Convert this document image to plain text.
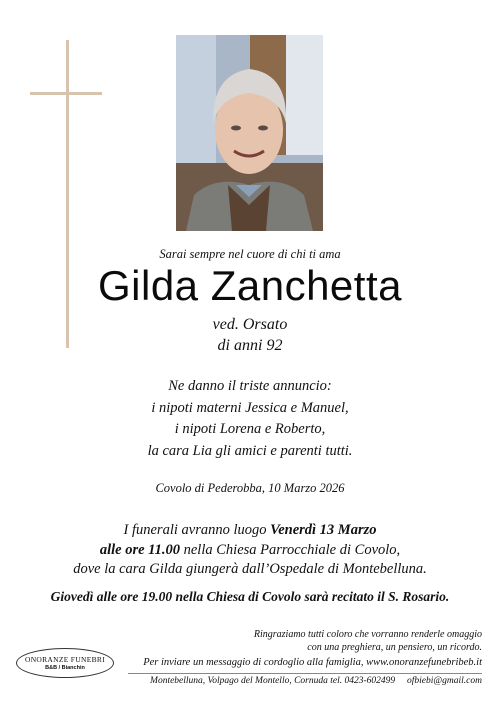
Sarai sempre nel cuore di chi ti ama
Gilda Zanchetta
ved. Orsato
di anni 92
Ne danno il triste annuncio:
i nipoti materni Jessica e Manuel,
i nipoti Lorena e Roberto,
la cara Lia gli amici e parenti tutti.
Covolo di Pederobba, 10 Marzo 2026
I funerali avranno luogo Venerdì 13 Marzo
alle ore 11.00 nella Chiesa Parrocchiale di Covolo,
dove la cara Gilda giungerà dall’Ospedale di Montebelluna.
Giovedì alle ore 19.00 nella Chiesa di Covolo sarà recitato il S. Rosario.
Ringraziamo tutti coloro che vorranno renderle omaggio
con una preghiera, un pensiero, un ricordo.
Per inviare un messaggio di cordoglio alla famiglia, www.onoranzefunebribeb.it
Montebelluna, Volpago del Montello, Cornuda tel. 0423-602499     ofbiebi@gmail.com
ONORANZE FUNEBRI
B&B / Bianchin
